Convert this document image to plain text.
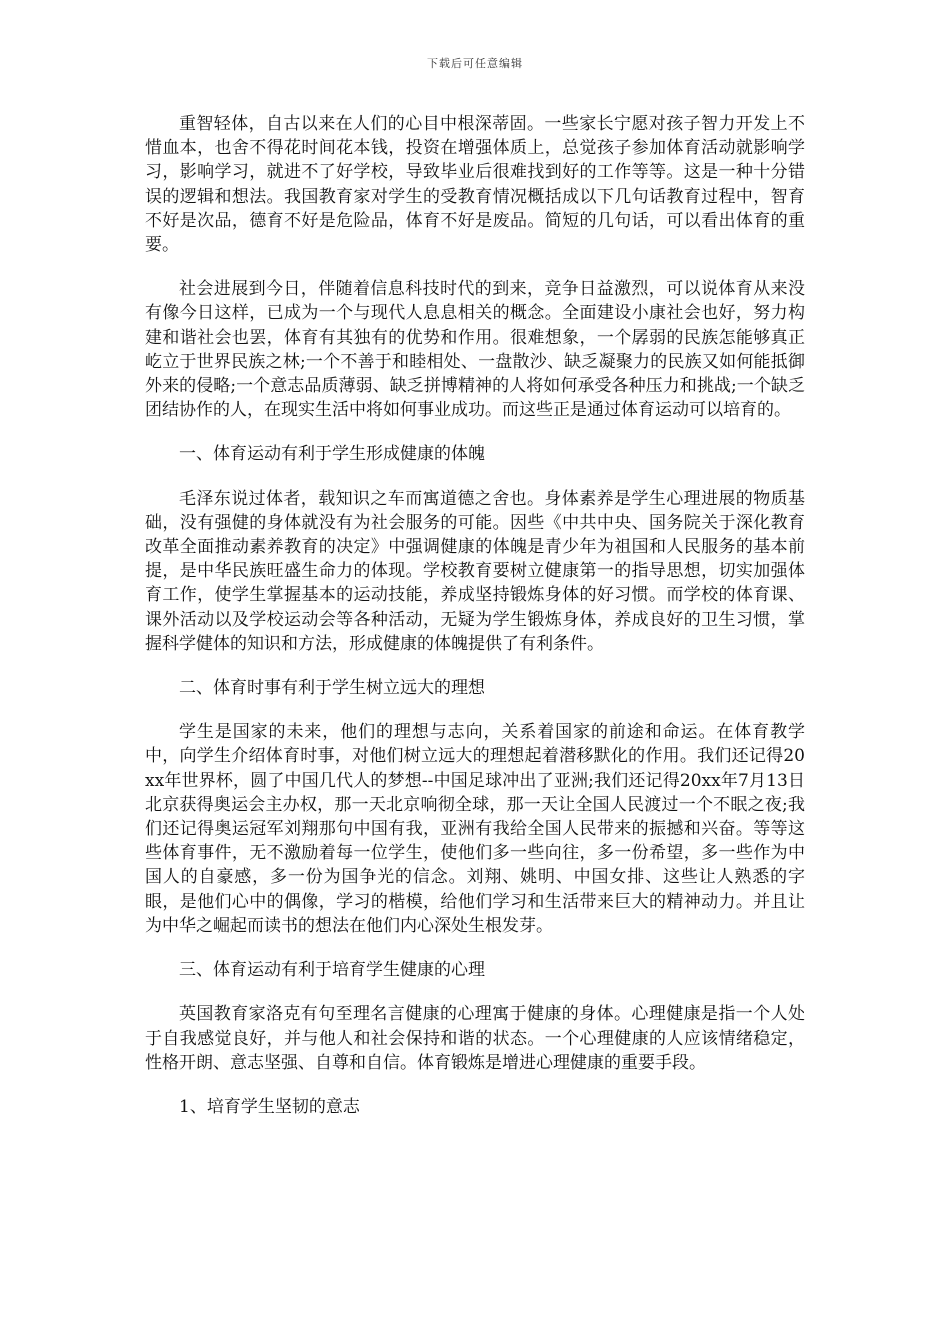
下载后可任意编辑

重智轻体，自古以来在人们的心目中根深蒂固。一些家长宁愿对孩子智力开发上不惜血本，也舍不得花时间花本钱，投资在增强体质上，总觉孩子参加体育活动就影响学习，影响学习，就进不了好学校，导致毕业后很难找到好的工作等等。这是一种十分错误的逻辑和想法。我国教育家对学生的受教育情况概括成以下几句话教育过程中，智育不好是次品，德育不好是危险品，体育不好是废品。简短的几句话，可以看出体育的重要。

社会进展到今日，伴随着信息科技时代的到来，竞争日益激烈，可以说体育从来没有像今日这样，已成为一个与现代人息息相关的概念。全面建设小康社会也好，努力构建和谐社会也罢，体育有其独有的优势和作用。很难想象，一个孱弱的民族怎能够真正屹立于世界民族之林;一个不善于和睦相处、一盘散沙、缺乏凝聚力的民族又如何能抵御外来的侵略;一个意志品质薄弱、缺乏拼博精神的人将如何承受各种压力和挑战;一个缺乏团结协作的人，在现实生活中将如何事业成功。而这些正是通过体育运动可以培育的。

一、体育运动有利于学生形成健康的体魄

毛泽东说过体者，载知识之车而寓道德之舍也。身体素养是学生心理进展的物质基础，没有强健的身体就没有为社会服务的可能。因些《中共中央、国务院关于深化教育改革全面推动素养教育的决定》中强调健康的体魄是青少年为祖国和人民服务的基本前提，是中华民族旺盛生命力的体现。学校教育要树立健康第一的指导思想，切实加强体育工作，使学生掌握基本的运动技能，养成坚持锻炼身体的好习惯。而学校的体育课、课外活动以及学校运动会等各种活动，无疑为学生锻炼身体，养成良好的卫生习惯，掌握科学健体的知识和方法，形成健康的体魄提供了有利条件。

二、体育时事有利于学生树立远大的理想

学生是国家的未来，他们的理想与志向，关系着国家的前途和命运。在体育教学中，向学生介绍体育时事，对他们树立远大的理想起着潜移默化的作用。我们还记得20xx年世界杯，圆了中国几代人的梦想--中国足球冲出了亚洲;我们还记得20xx年7月13日北京获得奥运会主办权，那一天北京响彻全球，那一天让全国人民渡过一个不眠之夜;我们还记得奥运冠军刘翔那句中国有我，亚洲有我给全国人民带来的振撼和兴奋。等等这些体育事件，无不激励着每一位学生，使他们多一些向往，多一份希望，多一些作为中国人的自豪感，多一份为国争光的信念。刘翔、姚明、中国女排、这些让人熟悉的字眼，是他们心中的偶像，学习的楷模，给他们学习和生活带来巨大的精神动力。并且让为中华之崛起而读书的想法在他们内心深处生根发芽。

三、体育运动有利于培育学生健康的心理

英国教育家洛克有句至理名言健康的心理寓于健康的身体。心理健康是指一个人处于自我感觉良好，并与他人和社会保持和谐的状态。一个心理健康的人应该情绪稳定，性格开朗、意志坚强、自尊和自信。体育锻炼是增进心理健康的重要手段。

1、培育学生坚韧的意志
